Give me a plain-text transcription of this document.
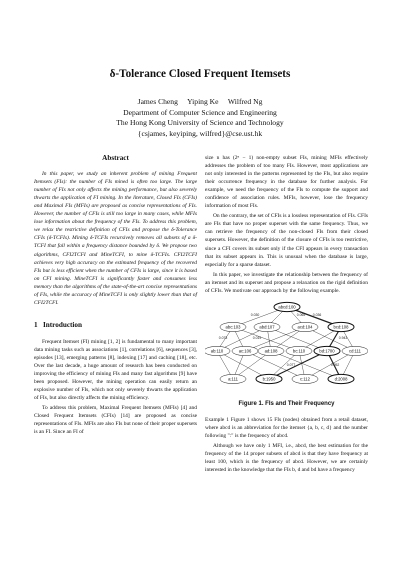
δ-Tolerance Closed Frequent Itemsets
James Cheng     Yiping Ke     Wilfred Ng
Department of Computer Science and Engineering
The Hong Kong University of Science and Technology
{csjames, keyiping, wilfred}@cse.ust.hk
Abstract

In this paper, we study an inherent problem of mining Frequent Itemsets (FIs): the number of FIs mined is often too large. The large number of FIs not only affects the mining performance, but also severely thwarts the application of FI mining. In the literature, Closed FIs (CFIs) and Maximal FIs (MFIs) are proposed as concise representations of FIs. However, the number of CFIs is still too large in many cases, while MFIs lose information about the frequency of the FIs. To address this problem, we relax the restrictive definition of CFIs and propose the δ-Tolerance CFIs (δ-TCFIs). Mining δ-TCFIs recursively removes all subsets of a δ-TCFI that fall within a frequency distance bounded by δ. We propose two algorithms, CFI2TCFI and MineTCFI, to mine δ-TCFIs. CFI2TCFI achieves very high accuracy on the estimated frequency of the recovered FIs but is less efficient when the number of CFIs is large, since it is based on CFI mining. MineTCFI is significantly faster and consumes less memory than the algorithms of the state-of-the-art concise representations of FIs, while the accuracy of MineTCFI is only slightly lower than that of CFI2TCFI.

1   Introduction

Frequent Itemset (FI) mining [1, 2] is fundamental to many important data mining tasks such as associations [1], correlations [6], sequences [3], episodes [13], emerging patterns [8], indexing [17] and caching [18], etc. Over the last decade, a huge amount of research has been conducted on improving the efficiency of mining FIs and many fast algorithms [9] have been proposed. However, the mining operation can easily return an explosive number of FIs, which not only severely thwarts the application of FIs, but also directly affects the mining efficiency.

To address this problem, Maximal Frequent Itemsets (MFIs) [4] and Closed Frequent Itemsets (CFIs) [14] are proposed as concise representations of FIs. MFIs are also FIs but none of their proper supersets is an FI. Since an FI of

size n has (2ⁿ − 1) non-empty subset FIs, mining MFIs effectively addresses the problem of too many FIs. However, most applications are not only interested in the patterns represented by the FIs, but also require their occurrence frequency in the database for further analysis. For example, we need the frequency of the FIs to compute the support and confidence of association rules. MFIs, however, lose the frequency information of most FIs.

On the contrary, the set of CFIs is a lossless representation of FIs. CFIs are FIs that have no proper superset with the same frequency. Thus, we can retrieve the frequency of the non-closed FIs from their closed supersets. However, the definition of the closure of CFIs is too restrictive, since a CFI covers its subset only if the CFI appears in every transaction that its subset appears in. This is unusual when the database is large, especially for a sparse dataset.

In this paper, we investigate the relationship between the frequency of an itemset and its superset and propose a relaxation on the rigid definition of CFIs. We motivate our approach by the following example.

0.030	0.065 0.036
0.073	0.019	0.943
0.077	0.952
abcd:100
abc:103	abd:107	acd:104	bcd:108
ab:110	ac:106	ad:108	bc:110	bd:1700	cd:111
a:111	b:1950	c:112	d:2008
Figure 1. FIs and Their Frequency

Example 1 Figure 1 shows 15 FIs (nodes) obtained from a retail dataset, where abcd is an abbreviation for the itemset {a, b, c, d} and the number following ":" is the frequency of abcd.

Although we have only 1 MFI, i.e., abcd, the best estimation for the frequency of the 14 proper subsets of abcd is that they have frequency at least 100, which is the frequency of abcd. However, we are certainly interested in the knowledge that the FIs b, d and bd have a frequency
